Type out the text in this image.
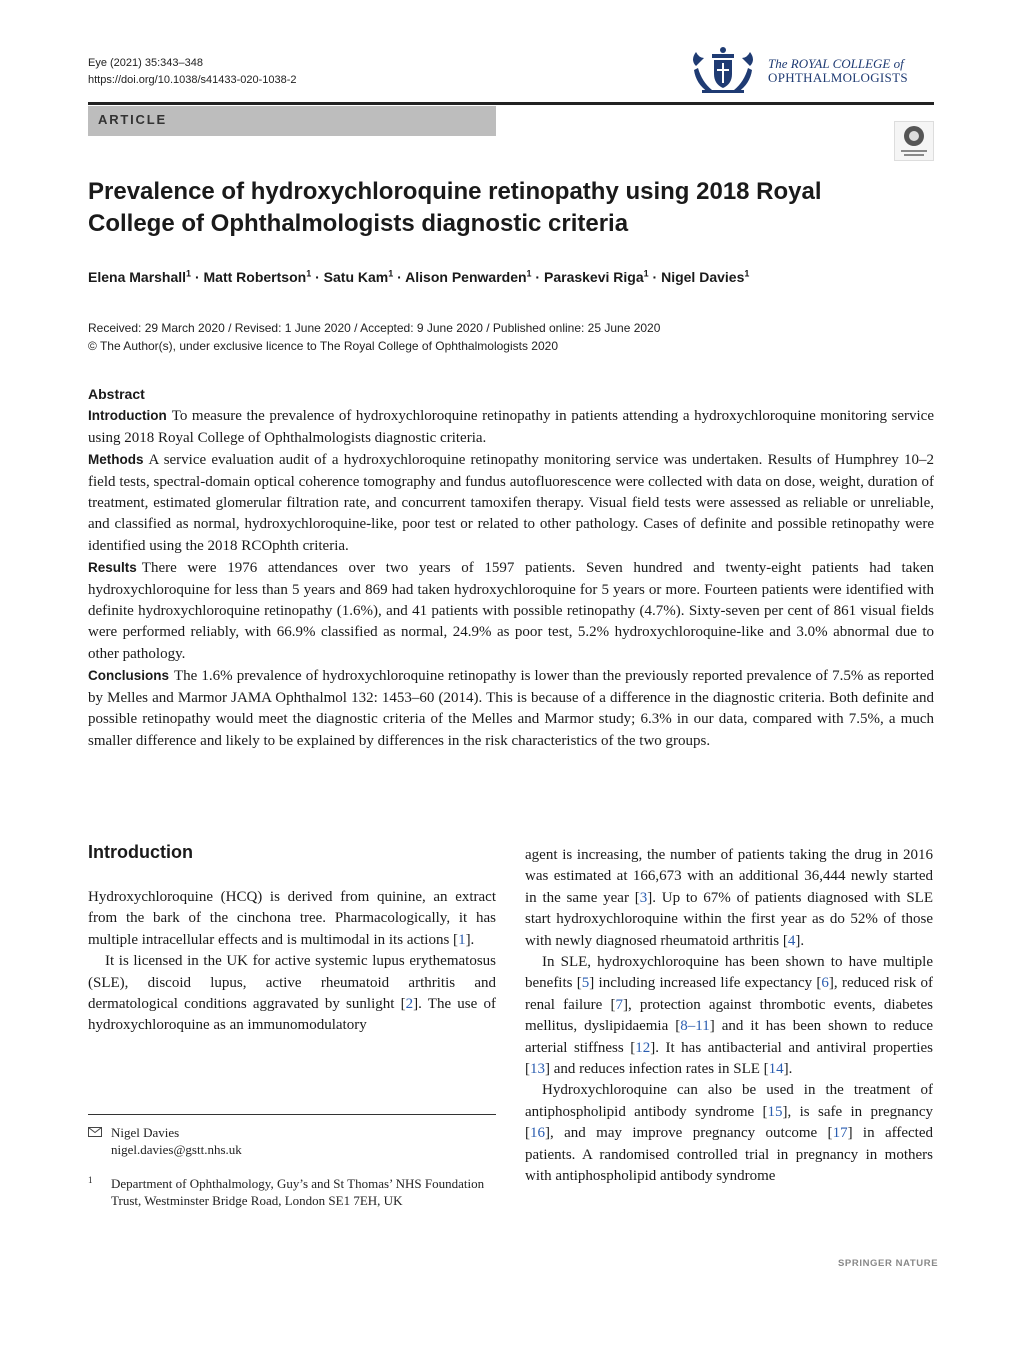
Eye (2021) 35:343–348
https://doi.org/10.1038/s41433-020-1038-2
The ROYAL COLLEGE of
OPHTHALMOLOGISTS
ARTICLE
Prevalence of hydroxychloroquine retinopathy using 2018 Royal College of Ophthalmologists diagnostic criteria
Elena Marshall$^1$ · Matt Robertson$^1$ · Satu Kam$^1$ · Alison Penwarden$^1$ · Paraskevi Riga$^1$ · Nigel Davies$^1$
Received: 29 March 2020 / Revised: 1 June 2020 / Accepted: 9 June 2020 / Published online: 25 June 2020
© The Author(s), under exclusive licence to The Royal College of Ophthalmologists 2020
Abstract

Introduction To measure the prevalence of hydroxychloroquine retinopathy in patients attending a hydroxychloroquine monitoring service using 2018 Royal College of Ophthalmologists diagnostic criteria.

Methods A service evaluation audit of a hydroxychloroquine retinopathy monitoring service was undertaken. Results of Humphrey 10–2 field tests, spectral-domain optical coherence tomography and fundus autofluorescence were collected with data on dose, weight, duration of treatment, estimated glomerular filtration rate, and concurrent tamoxifen therapy. Visual field tests were assessed as reliable or unreliable, and classified as normal, hydroxychloroquine-like, poor test or related to other pathology. Cases of definite and possible retinopathy were identified using the 2018 RCOphth criteria.

Results There were 1976 attendances over two years of 1597 patients. Seven hundred and twenty-eight patients had taken hydroxychloroquine for less than 5 years and 869 had taken hydroxychloroquine for 5 years or more. Fourteen patients were identified with definite hydroxychloroquine retinopathy (1.6%), and 41 patients with possible retinopathy (4.7%). Sixty-seven per cent of 861 visual fields were performed reliably, with 66.9% classified as normal, 24.9% as poor test, 5.2% hydroxychloroquine-like and 3.0% abnormal due to other pathology.

Conclusions The 1.6% prevalence of hydroxychloroquine retinopathy is lower than the previously reported prevalence of 7.5% as reported by Melles and Marmor JAMA Ophthalmol 132: 1453–60 (2014). This is because of a difference in the diagnostic criteria. Both definite and possible retinopathy would meet the diagnostic criteria of the Melles and Marmor study; 6.3% in our data, compared with 7.5%, a much smaller difference and likely to be explained by differences in the risk characteristics of the two groups.

Introduction

Hydroxychloroquine (HCQ) is derived from quinine, an extract from the bark of the cinchona tree. Pharmacologically, it has multiple intracellular effects and is multimodal in its actions [1].

It is licensed in the UK for active systemic lupus erythematosus (SLE), discoid lupus, active rheumatoid arthritis and dermatological conditions aggravated by sunlight [2]. The use of hydroxychloroquine as an immunomodulatory

agent is increasing, the number of patients taking the drug in 2016 was estimated at 166,673 with an additional 36,444 newly started in the same year [3]. Up to 67% of patients diagnosed with SLE start hydroxychloroquine within the first year as do 52% of those with newly diagnosed rheumatoid arthritis [4].

In SLE, hydroxychloroquine has been shown to have multiple benefits [5] including increased life expectancy [6], reduced risk of renal failure [7], protection against thrombotic events, diabetes mellitus, dyslipidaemia [8–11] and it has been shown to reduce arterial stiffness [12]. It has antibacterial and antiviral properties [13] and reduces infection rates in SLE [14].

Hydroxychloroquine can also be used in the treatment of antiphospholipid antibody syndrome [15], is safe in pregnancy [16], and may improve pregnancy outcome [17] in affected patients. A randomised controlled trial in pregnancy in mothers with antiphospholipid antibody syndrome

Nigel Davies
nigel.davies@gstt.nhs.uk
1 Department of Ophthalmology, Guy’s and St Thomas’ NHS Foundation Trust, Westminster Bridge Road, London SE1 7EH, UK
SPRINGER NATURE
